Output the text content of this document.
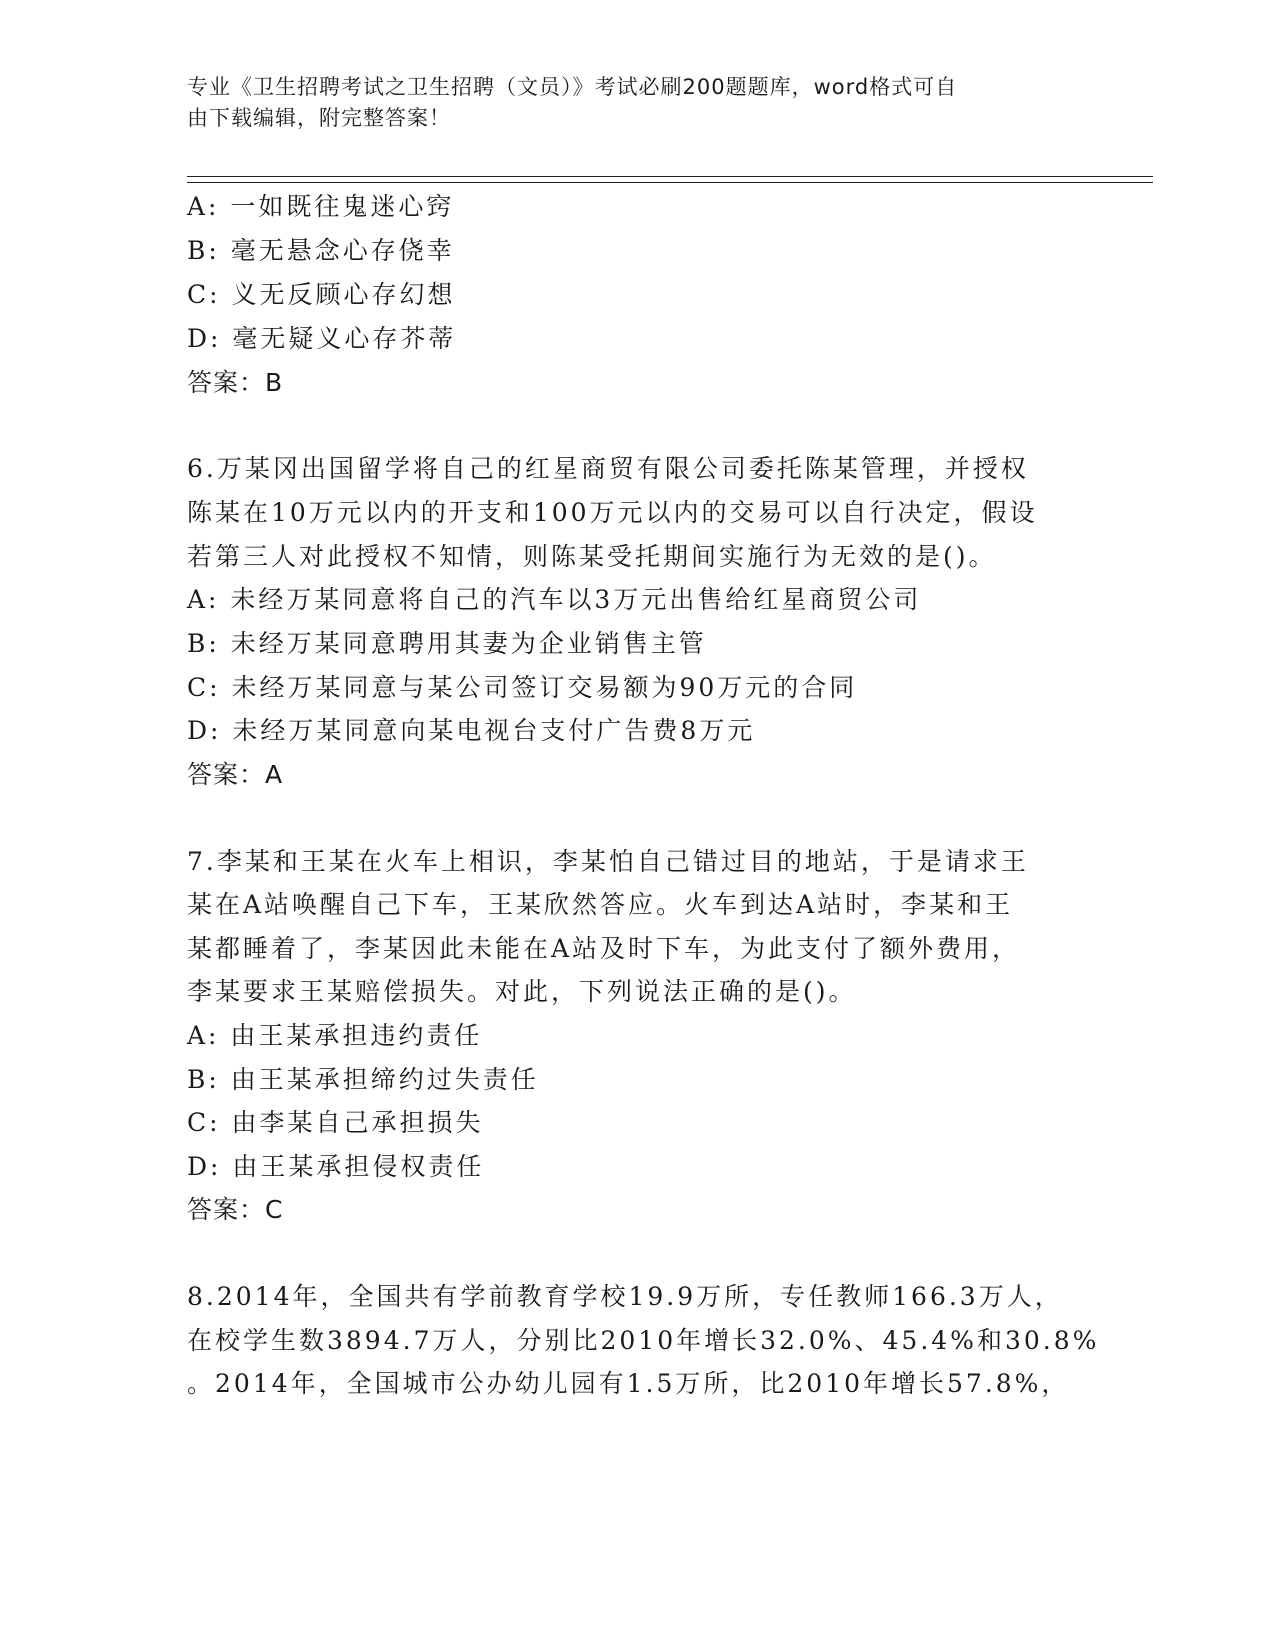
专业《卫生招聘考试之卫生招聘（文员）》考试必刷200题题库，word格式可自
由下载编辑，附完整答案！
A: 一如既往鬼迷心窍
B: 毫无悬念心存侥幸
C: 义无反顾心存幻想
D: 毫无疑义心存芥蒂
答案：B
6.万某冈出国留学将自己的红星商贸有限公司委托陈某管理，并授权
陈某在10万元以内的开支和100万元以内的交易可以自行决定，假设
若第三人对此授权不知情，则陈某受托期间实施行为无效的是()。
A: 未经万某同意将自己的汽车以3万元出售给红星商贸公司
B: 未经万某同意聘用其妻为企业销售主管
C: 未经万某同意与某公司签订交易额为90万元的合同
D: 未经万某同意向某电视台支付广告费8万元
答案：A
7.李某和王某在火车上相识，李某怕自己错过目的地站，于是请求王
某在A站唤醒自己下车，王某欣然答应。火车到达A站时，李某和王
某都睡着了，李某因此未能在A站及时下车，为此支付了额外费用，
李某要求王某赔偿损失。对此，下列说法正确的是()。
A: 由王某承担违约责任
B: 由王某承担缔约过失责任
C: 由李某自己承担损失
D: 由王某承担侵权责任
答案：C
8.2014年，全国共有学前教育学校19.9万所，专任教师166.3万人，
在校学生数3894.7万人，分别比2010年增长32.0%、45.4%和30.8%
。2014年，全国城市公办幼儿园有1.5万所，比2010年增长57.8%，
